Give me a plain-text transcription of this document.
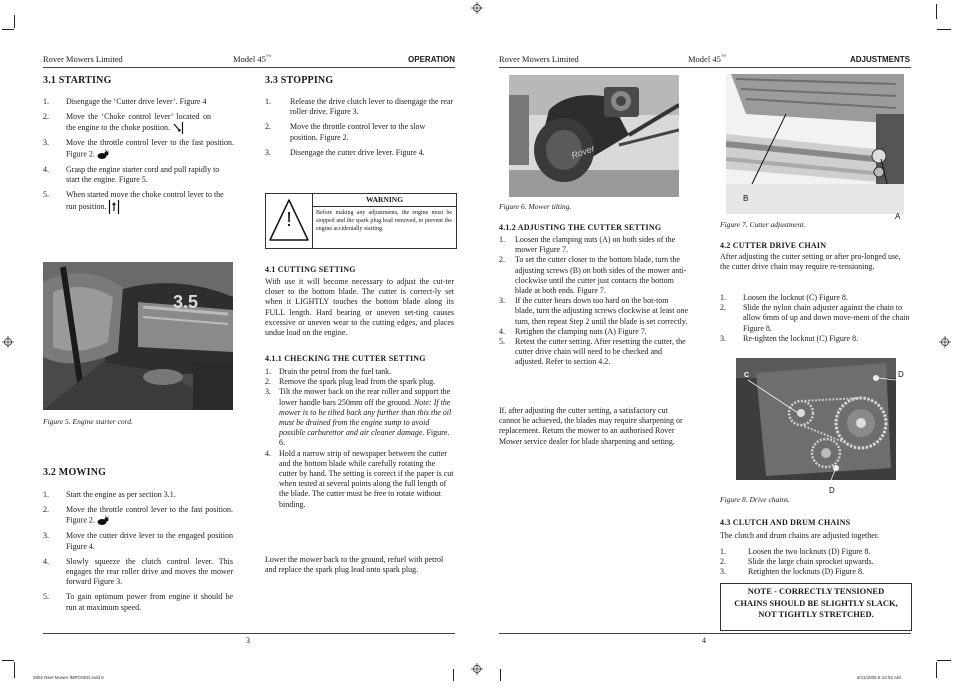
Rover Mowers Limited	Model 45™	OPERATION
3.1 STARTING
1. Disengage the ‘Cutter drive lever’. Figure 4
2. Move the ‘Choke control lever’ located on the engine to the choke position.
3. Move the throttle control lever to the fast position. Figure 2.
4. Grasp the engine starter cord and pull rapidly to start the engine. Figure 5.
5. When started move the choke control lever to the run position.
3.5
Figure 5. Engine starter cord.
3.2 MOWING
1. Start the engine as per section 3.1.
2. Move the throttle control lever to the fast position. Figure 2.
3. Move the cutter drive lever to the engaged position Figure 4.
4. Slowly squeeze the clutch control lever. This engages the rear roller drive and moves the mower forward Figure 3.
5. To gain optimum power from engine it should be run at maximum speed.
3.3 STOPPING
1. Release the drive clutch lever to disengage the rear roller drive. Figure 3.
2. Move the throttle control lever to the slow position. Figure 2.
3. Disengage the cutter drive lever. Figure 4.
!
WARNING
Before making any adjustments, the engine must be stopped and the spark plug lead removed, to prevent the engine accidentally starting.
4.1 CUTTING SETTING
With use it will become necessary to adjust the cut-ter closer to the bottom blade. The cutter is correct-ly set when it LIGHTLY touches the bottom blade along its FULL length. Hard bearing or uneven set-ting causes excessive or uneven wear to the cutting edges, and places undue load on the engine.
4.1.1 CHECKING THE CUTTER SETTING
1. Drain the petrol from the fuel tank.
2. Remove the spark plug lead from the spark plug.
3. Tilt the mower back on the rear roller and support the lower handle bars 250mm off the ground. Note: If the mower is to be tilted back any further than this the oil must be drained from the engine sump to avoid possible carburettor and air cleaner damage. Figure. 6.
4. Hold a narrow strip of newspaper between the cutter and the bottom blade while carefully rotating the cutter by hand. The setting is correct if the paper is cut when tested at several points along the full length of the blade. The cutter must be free to rotate without binding.
Lower the mower back to the ground, refuel with petrol and replace the spark plug lead onto spark plug.
3
Rover Mowers Limited	Model 45™	ADJUSTMENTS
Rover
Figure 6. Mower tilting.
4.1.2 ADJUSTING THE CUTTER SETTING
1. Loosen the clamping nuts (A) on both sides of the mower Figure 7.
2. To set the cutter closer to the bottom blade, turn the adjusting screws (B) on both sides of the mower anti-clockwise until the cutter just contacts the bottom blade at both ends. Figure 7.
3. If the cutter bears down too hard on the bot-tom blade, turn the adjusting screws clockwise at least one turn, then repeat Step 2 until the blade is set correctly.
4. Retighen the clamping nuts (A) Figure 7.
5. Retest the cutter setting. After resetting the cutter, the cutter drive chain will need to be checked and adjusted. Refer to section 4.2.
If, after adjusting the cutter setting, a satisfactory cut cannot be achieved, the blades may require sharpening or replacement. Return the mower to an authorised Rover Mower service dealer for blade sharpening and setting.
B
A
Figure 7. Cutter adjustment.
4.2 CUTTER DRIVE CHAIN
After adjusting the cutter setting or after pro-longed use, the cutter drive chain may require re-tensioning.
1. Loosen the locknut (C) Figure 8.
2. Slide the nylon chain adjuster against the chain to allow 6mm of up and down move-ment of the chain Figure 8.
3. Re-tighten the locknut (C) Figure 8.
C	D
D
Figure 8. Drive chains.
4.3 CLUTCH AND DRUM CHAINS
The clutch and drum chains are adjusted together.
1.	Loosen the two locknuts (D) Figure 8.
2.	Slide the large chain sprocket upwards.
3.	Retighten the locknuts (D) Figure 8.
NOTE - CORRECTLY TENSIONED
CHAINS SHOULD BE SLIGHTLY SLACK,
NOT TIGHTLY STRETCHED.
4
2892 Reel Mower IMPOSED.indd 6	6/11/2005 9:12:52 AM
